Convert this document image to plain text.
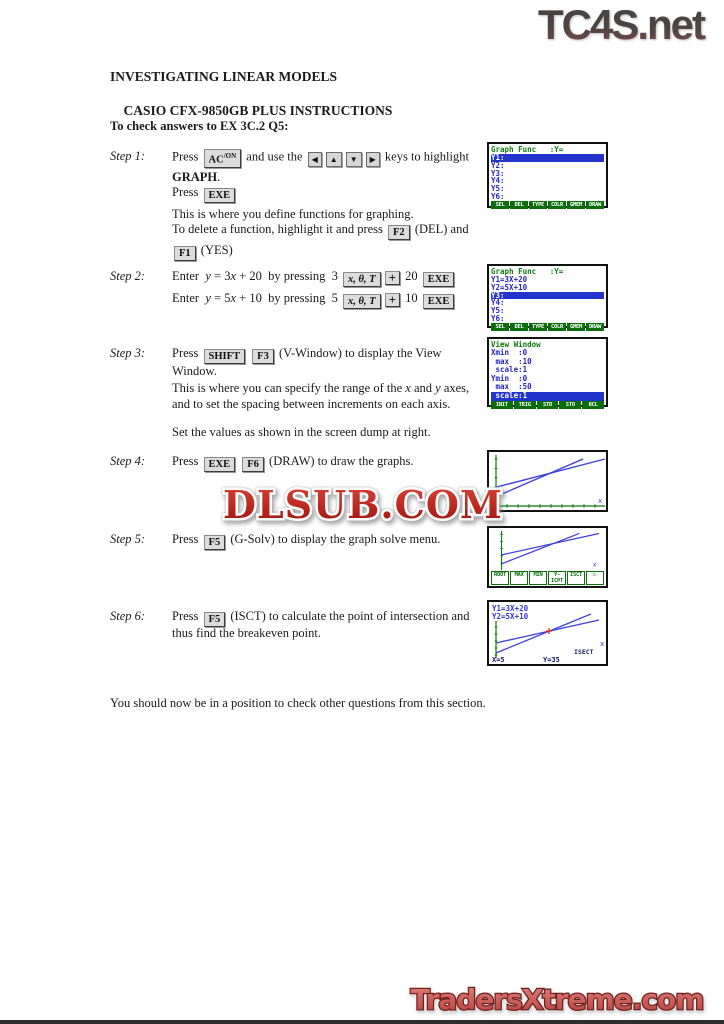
TC4S.net
INVESTIGATING LINEAR MODELS

CASIO CFX-9850GB PLUS INSTRUCTIONS
To check answers to EX 3C.2 Q5:
Step 1: Press $AC^{/ON}$ and use the ◀ ▲ ▼ ▶ keys to highlight
GRAPH.
Press EXE
This is where you define functions for graphing.
To delete a function, highlight it and press F2 (DEL) and
F1 (YES)
Step 2: Enter  y = 3x + 20  by pressing  3 x, θ, T + 20 EXE
Enter  y = 5x + 10  by pressing  5 x, θ, T + 10 EXE
Step 3: Press SHIFT F3 (V-Window) to display the View
Window.
This is where you can specify the range of the x and y axes,
and to set the spacing between increments on each axis.
Set the values as shown in the screen dump at right.
Step 4: Press EXE F6 (DRAW) to draw the graphs.
Step 5: Press F5 (G-Solv) to display the graph solve menu.
Step 6: Press F5 (ISCT) to calculate the point of intersection and
thus find the breakeven point.
Graph Func   :Y=
Y1:
Y2:
Y3:
Y4:
Y5:
Y6:
SEL	DEL	TYPE	COLR	GMEM	DRAW
Graph Func   :Y=
Y1=3X+20
Y2=5X+10
Y3:
Y4:
Y5:
Y6:
SEL	DEL	TYPE	COLR	GMEM	DRAW
View Window
Xmin  :0
max  :10
scale:1
Ymin  :0
max  :50
scale:1
INIT	TRIG	STD	STO	RCL
x
x
ROOT	MAX	MIN	Y-ICPT
ISCT	▷
Y1=3X+20
Y2=5X+10
x
ISECT
X=5	Y=35
DLSUB.COM
You should now be in a position to check other questions from this section.
TradersXtreme.com
